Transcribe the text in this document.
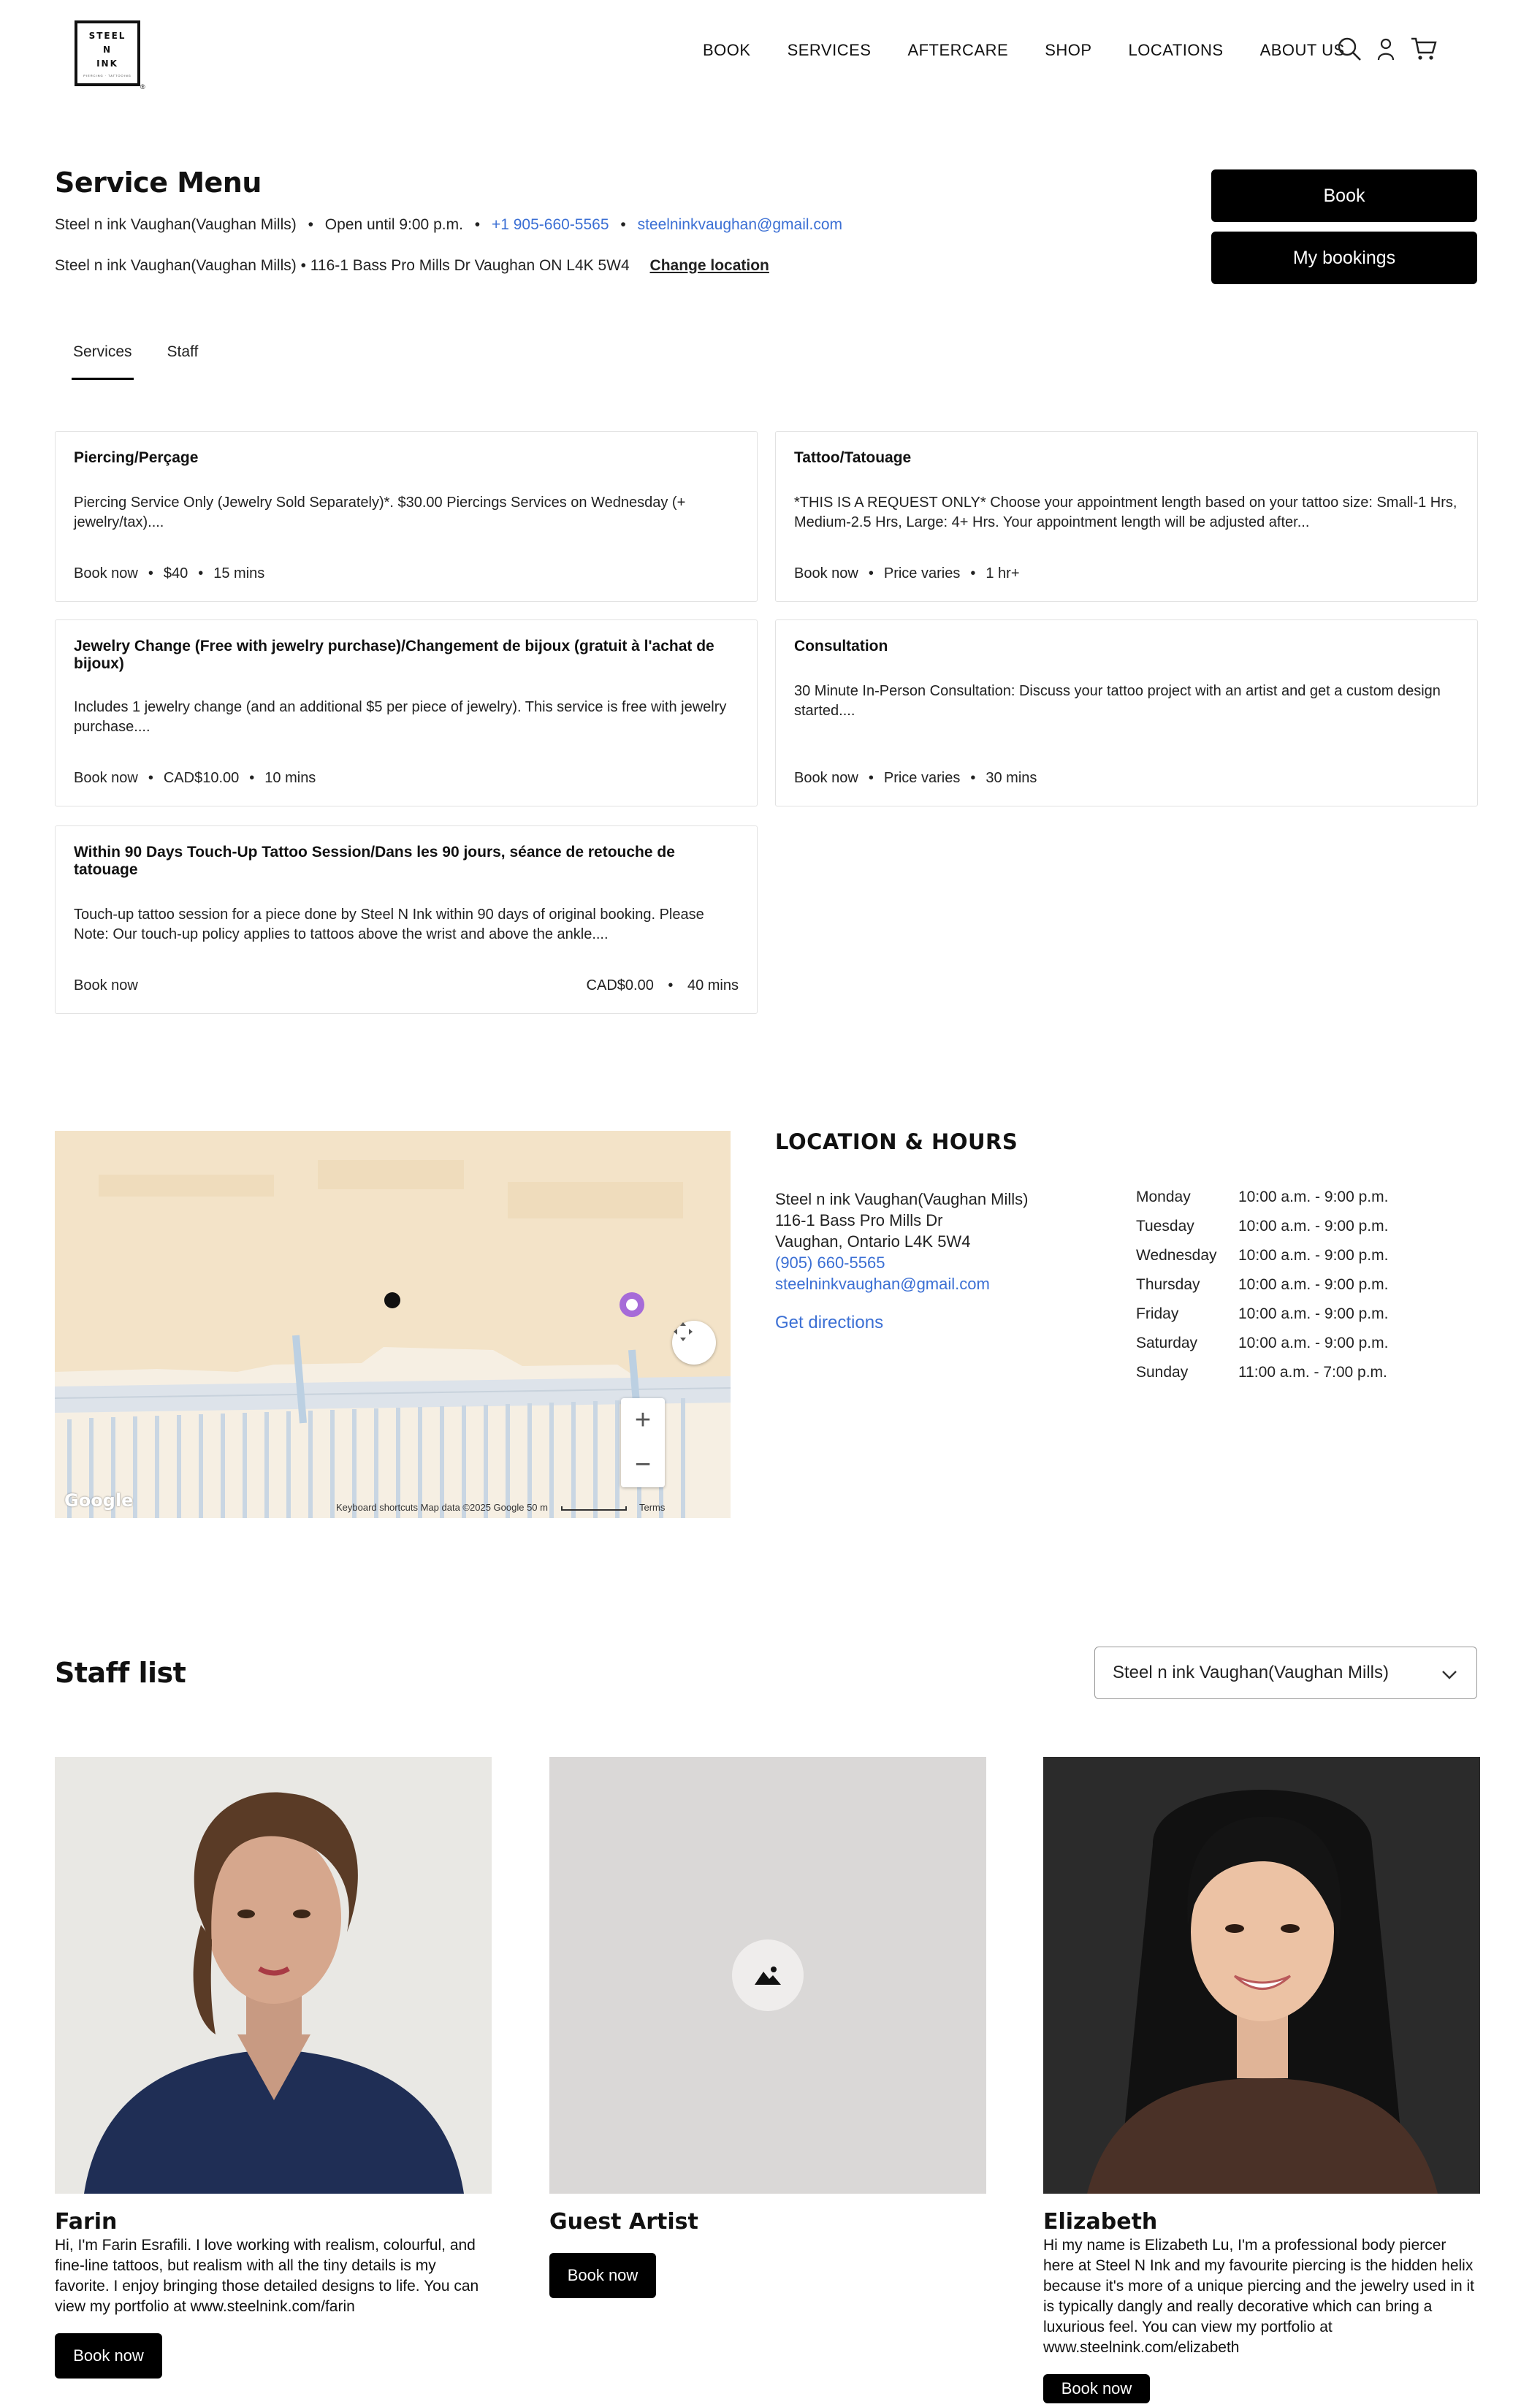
STEEL
N
INK
PIERCING · TATTOOING
®
BOOK SERVICES AFTERCARE SHOP LOCATIONS ABOUT US
Service Menu
Steel n ink Vaughan(Vaughan Mills) • Open until 9:00 p.m. • +1 905-660-5565 • steelninkvaughan@gmail.com
Steel n ink Vaughan(Vaughan Mills) • 116-1 Bass Pro Mills Dr Vaughan ON L4K 5W4 Change location
Book
My bookings
Services Staff
Piercing/Perçage
Piercing Service Only (Jewelry Sold Separately)*. $30.00 Piercings Services on Wednesday (+ jewelry/tax)....
Book now • $40 • 15 mins
Tattoo/Tatouage
*THIS IS A REQUEST ONLY* Choose your appointment length based on your tattoo size: Small-1 Hrs, Medium-2.5 Hrs, Large: 4+ Hrs. Your appointment length will be adjusted after...
Book now • Price varies • 1 hr+
Jewelry Change (Free with jewelry purchase)/Changement de bijoux (gratuit à l'achat de bijoux)
Includes 1 jewelry change (and an additional $5 per piece of jewelry). This service is free with jewelry purchase....
Book now • CAD$10.00 • 10 mins
Consultation
30 Minute In-Person Consultation: Discuss your tattoo project with an artist and get a custom design started....
Book now • Price varies • 30 mins
Within 90 Days Touch-Up Tattoo Session/Dans les 90 jours, séance de retouche de tatouage
Touch-up tattoo session for a piece done by Steel N Ink within 90 days of original booking. Please Note: Our touch-up policy applies to tattoos above the wrist and above the ankle....
Book now	CAD$0.00 • 40 mins
+
−
Google	Keyboard shortcuts Map data ©2025 Google 50 m	Terms
LOCATION & HOURS
Steel n ink Vaughan(Vaughan Mills)
116-1 Bass Pro Mills Dr
Vaughan, Ontario L4K 5W4
(905) 660-5565
steelninkvaughan@gmail.com
Get directions
Monday	10:00 a.m. - 9:00 p.m.
Tuesday	10:00 a.m. - 9:00 p.m.
Wednesday	10:00 a.m. - 9:00 p.m.
Thursday	10:00 a.m. - 9:00 p.m.
Friday	10:00 a.m. - 9:00 p.m.
Saturday	10:00 a.m. - 9:00 p.m.
Sunday	11:00 a.m. - 7:00 p.m.
Staff list	Steel n ink Vaughan(Vaughan Mills)
Farin
Hi, I'm Farin Esrafili. I love working with realism, colourful, and fine-line tattoos, but realism with all the tiny details is my favorite. I enjoy bringing those detailed designs to life. You can view my portfolio at www.steelnink.com/farin
Book now
Guest Artist
Book now
Elizabeth
Hi my name is Elizabeth Lu, I'm a professional body piercer here at Steel N Ink and my favourite piercing is the hidden helix because it's more of a unique piercing and the jewelry used in it is typically dangly and really decorative which can bring a luxurious feel. You can view my portfolio at www.steelnink.com/elizabeth
Book now
